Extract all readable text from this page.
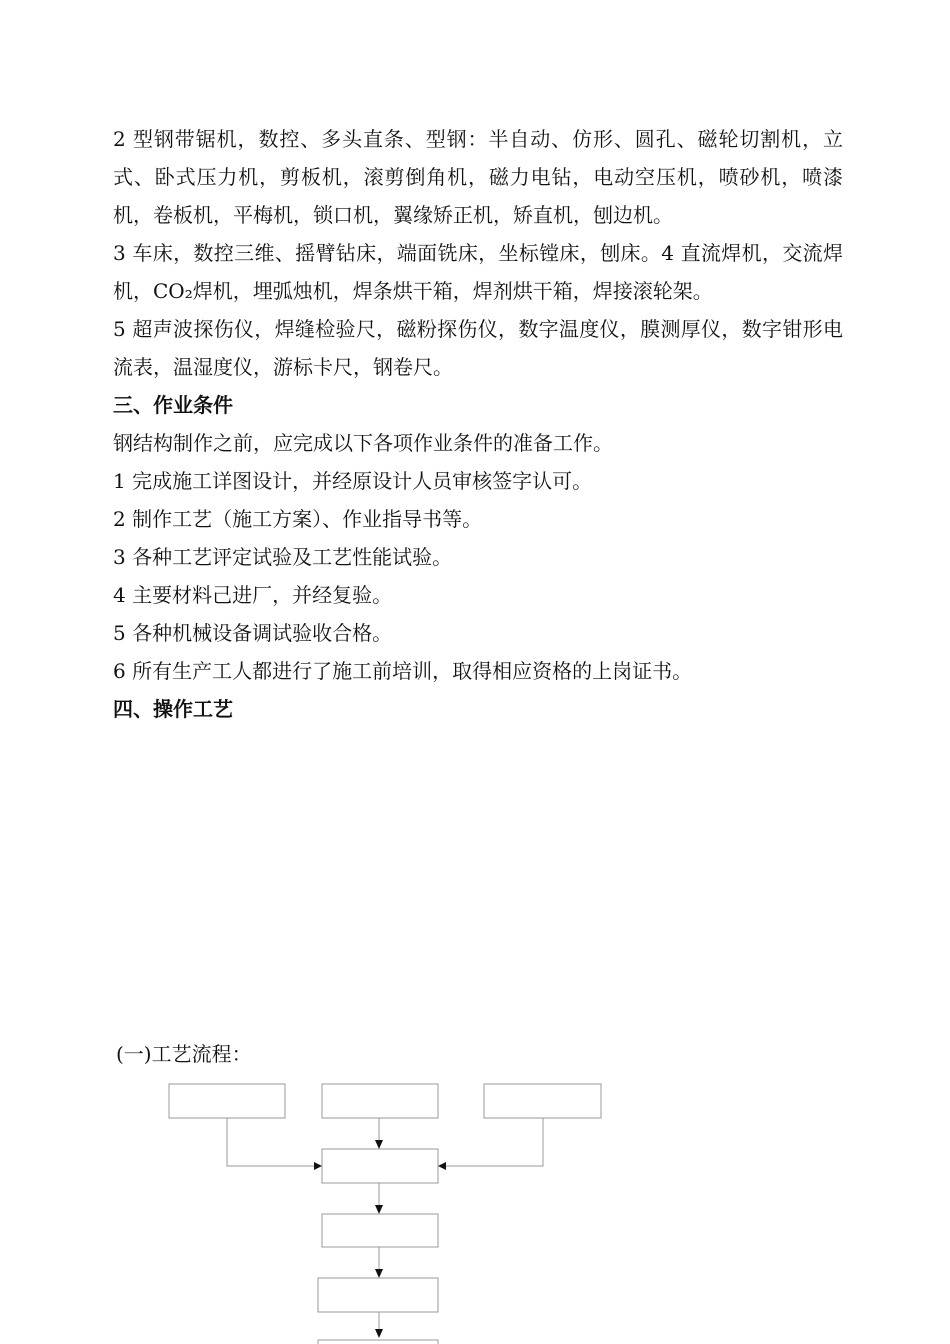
2 型钢带锯机，数控、多头直条、型钢：半自动、仿形、圆孔、磁轮切割机，立式、卧式压力机，剪板机，滚剪倒角机，磁力电钻，电动空压机，喷砂机，喷漆机，卷板机，平梅机，锁口机，翼缘矫正机，矫直机，刨边机。

3 车床，数控三维、摇臂钻床，端面铣床，坐标镗床，刨床。4 直流焊机，交流焊机，CO₂焊机，埋弧烛机，焊条烘干箱，焊剂烘干箱，焊接滚轮架。

5 超声波探伤仪，焊缝检验尺，磁粉探伤仪，数字温度仪，膜测厚仪，数字钳形电流表，温湿度仪，游标卡尺，钢卷尺。

三、作业条件

钢结构制作之前，应完成以下各项作业条件的准备工作。

1 完成施工详图设计，并经原设计人员审核签字认可。

2 制作工艺（施工方案）、作业指导书等。

3 各种工艺评定试验及工艺性能试验。

4 主要材料己进厂，并经复验。

5 各种机械设备调试验收合格。

6 所有生产工人都进行了施工前培训，取得相应资格的上岗证书。

四、操作工艺

(一)工艺流程：
